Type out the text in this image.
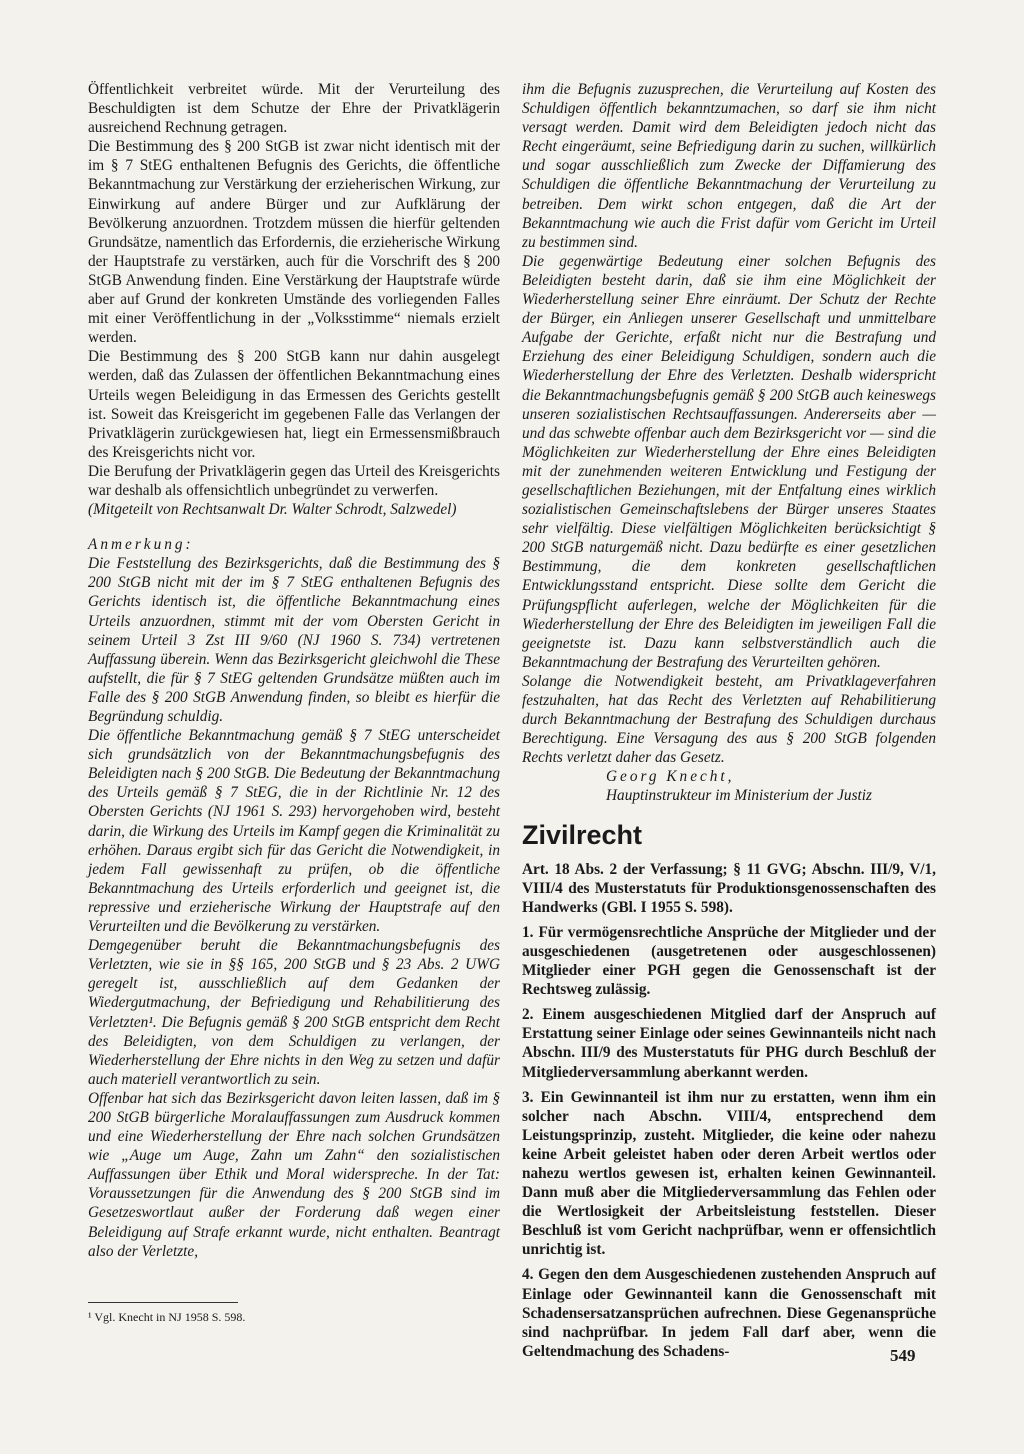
Öffentlichkeit verbreitet würde. Mit der Verurteilung des Beschuldigten ist dem Schutze der Ehre der Privatklägerin ausreichend Rechnung getragen.

Die Bestimmung des § 200 StGB ist zwar nicht identisch mit der im § 7 StEG enthaltenen Befugnis des Gerichts, die öffentliche Bekanntmachung zur Verstärkung der erzieherischen Wirkung, zur Einwirkung auf andere Bürger und zur Aufklärung der Bevölkerung anzuordnen. Trotzdem müssen die hierfür geltenden Grundsätze, namentlich das Erfordernis, die erzieherische Wirkung der Hauptstrafe zu verstärken, auch für die Vorschrift des § 200 StGB Anwendung finden. Eine Verstärkung der Hauptstrafe würde aber auf Grund der konkreten Umstände des vorliegenden Falles mit einer Veröffentlichung in der „Volksstimme“ niemals erzielt werden.

Die Bestimmung des § 200 StGB kann nur dahin ausgelegt werden, daß das Zulassen der öffentlichen Bekanntmachung eines Urteils wegen Beleidigung in das Ermessen des Gerichts gestellt ist. Soweit das Kreisgericht im gegebenen Falle das Verlangen der Privatklägerin zurückgewiesen hat, liegt ein Ermessensmißbrauch des Kreisgerichts nicht vor.

Die Berufung der Privatklägerin gegen das Urteil des Kreisgerichts war deshalb als offensichtlich unbegründet zu verwerfen.

(Mitgeteilt von Rechtsanwalt Dr. Walter Schrodt, Salzwedel)

Anmerkung:

Die Feststellung des Bezirksgerichts, daß die Bestimmung des § 200 StGB nicht mit der im § 7 StEG enthaltenen Befugnis des Gerichts identisch ist, die öffentliche Bekanntmachung eines Urteils anzuordnen, stimmt mit der vom Obersten Gericht in seinem Urteil 3 Zst III 9/60 (NJ 1960 S. 734) vertretenen Auffassung überein. Wenn das Bezirksgericht gleichwohl die These aufstellt, die für § 7 StEG geltenden Grundsätze müßten auch im Falle des § 200 StGB Anwendung finden, so bleibt es hierfür die Begründung schuldig.

Die öffentliche Bekanntmachung gemäß § 7 StEG unterscheidet sich grundsätzlich von der Bekanntmachungsbefugnis des Beleidigten nach § 200 StGB. Die Bedeutung der Bekanntmachung des Urteils gemäß § 7 StEG, die in der Richtlinie Nr. 12 des Obersten Gerichts (NJ 1961 S. 293) hervorgehoben wird, besteht darin, die Wirkung des Urteils im Kampf gegen die Kriminalität zu erhöhen. Daraus ergibt sich für das Gericht die Notwendigkeit, in jedem Fall gewissenhaft zu prüfen, ob die öffentliche Bekanntmachung des Urteils erforderlich und geeignet ist, die repressive und erzieherische Wirkung der Hauptstrafe auf den Verurteilten und die Bevölkerung zu verstärken.

Demgegenüber beruht die Bekanntmachungsbefugnis des Verletzten, wie sie in §§ 165, 200 StGB und § 23 Abs. 2 UWG geregelt ist, ausschließlich auf dem Gedanken der Wiedergutmachung, der Befriedigung und Rehabilitierung des Verletzten¹. Die Befugnis gemäß § 200 StGB entspricht dem Recht des Beleidigten, von dem Schuldigen zu verlangen, der Wiederherstellung der Ehre nichts in den Weg zu setzen und dafür auch materiell verantwortlich zu sein.

Offenbar hat sich das Bezirksgericht davon leiten lassen, daß im § 200 StGB bürgerliche Moralauffassungen zum Ausdruck kommen und eine Wiederherstellung der Ehre nach solchen Grundsätzen wie „Auge um Auge, Zahn um Zahn“ den sozialistischen Auffassungen über Ethik und Moral widerspreche. In der Tat: Voraussetzungen für die Anwendung des § 200 StGB sind im Gesetzeswortlaut außer der Forderung daß wegen einer Beleidigung auf Strafe erkannt wurde, nicht enthalten. Beantragt also der Verletzte,

ihm die Befugnis zuzusprechen, die Verurteilung auf Kosten des Schuldigen öffentlich bekanntzumachen, so darf sie ihm nicht versagt werden. Damit wird dem Beleidigten jedoch nicht das Recht eingeräumt, seine Befriedigung darin zu suchen, willkürlich und sogar ausschließlich zum Zwecke der Diffamierung des Schuldigen die öffentliche Bekanntmachung der Verurteilung zu betreiben. Dem wirkt schon entgegen, daß die Art der Bekanntmachung wie auch die Frist dafür vom Gericht im Urteil zu bestimmen sind.

Die gegenwärtige Bedeutung einer solchen Befugnis des Beleidigten besteht darin, daß sie ihm eine Möglichkeit der Wiederherstellung seiner Ehre einräumt. Der Schutz der Rechte der Bürger, ein Anliegen unserer Gesellschaft und unmittelbare Aufgabe der Gerichte, erfaßt nicht nur die Bestrafung und Erziehung des einer Beleidigung Schuldigen, sondern auch die Wiederherstellung der Ehre des Verletzten. Deshalb widerspricht die Bekanntmachungsbefugnis gemäß § 200 StGB auch keineswegs unseren sozialistischen Rechtsauffassungen. Andererseits aber — und das schwebte offenbar auch dem Bezirksgericht vor — sind die Möglichkeiten zur Wiederherstellung der Ehre eines Beleidigten mit der zunehmenden weiteren Entwicklung und Festigung der gesellschaftlichen Beziehungen, mit der Entfaltung eines wirklich sozialistischen Gemeinschaftslebens der Bürger unseres Staates sehr vielfältig. Diese vielfältigen Möglichkeiten berücksichtigt § 200 StGB naturgemäß nicht. Dazu bedürfte es einer gesetzlichen Bestimmung, die dem konkreten gesellschaftlichen Entwicklungsstand entspricht. Diese sollte dem Gericht die Prüfungspflicht auferlegen, welche der Möglichkeiten für die Wiederherstellung der Ehre des Beleidigten im jeweiligen Fall die geeignetste ist. Dazu kann selbstverständlich auch die Bekanntmachung der Bestrafung des Verurteilten gehören.

Solange die Notwendigkeit besteht, am Privatklageverfahren festzuhalten, hat das Recht des Verletzten auf Rehabilitierung durch Bekanntmachung der Bestrafung des Schuldigen durchaus Berechtigung. Eine Versagung des aus § 200 StGB folgenden Rechts verletzt daher das Gesetz.

Georg Knecht,

Hauptinstrukteur im Ministerium der Justiz

Zivilrecht

Art. 18 Abs. 2 der Verfassung; § 11 GVG; Abschn. III/9, V/1, VIII/4 des Musterstatuts für Produktionsgenossenschaften des Handwerks (GBl. I 1955 S. 598).

1. Für vermögensrechtliche Ansprüche der Mitglieder und der ausgeschiedenen (ausgetretenen oder ausgeschlossenen) Mitglieder einer PGH gegen die Genossenschaft ist der Rechtsweg zulässig.

2. Einem ausgeschiedenen Mitglied darf der Anspruch auf Erstattung seiner Einlage oder seines Gewinnanteils nicht nach Abschn. III/9 des Musterstatuts für PHG durch Beschluß der Mitgliederversammlung aberkannt werden.

3. Ein Gewinnanteil ist ihm nur zu erstatten, wenn ihm ein solcher nach Abschn. VIII/4, entsprechend dem Leistungsprinzip, zusteht. Mitglieder, die keine oder nahezu keine Arbeit geleistet haben oder deren Arbeit wertlos oder nahezu wertlos gewesen ist, erhalten keinen Gewinnanteil. Dann muß aber die Mitgliederversammlung das Fehlen oder die Wertlosigkeit der Arbeitsleistung feststellen. Dieser Beschluß ist vom Gericht nachprüfbar, wenn er offensichtlich unrichtig ist.

4. Gegen den dem Ausgeschiedenen zustehenden Anspruch auf Einlage oder Gewinnanteil kann die Genossenschaft mit Schadensersatzansprüchen aufrechnen. Diese Gegenansprüche sind nachprüfbar. In jedem Fall darf aber, wenn die Geltendmachung des Schadens-

¹ Vgl. Knecht in NJ 1958 S. 598.
549
